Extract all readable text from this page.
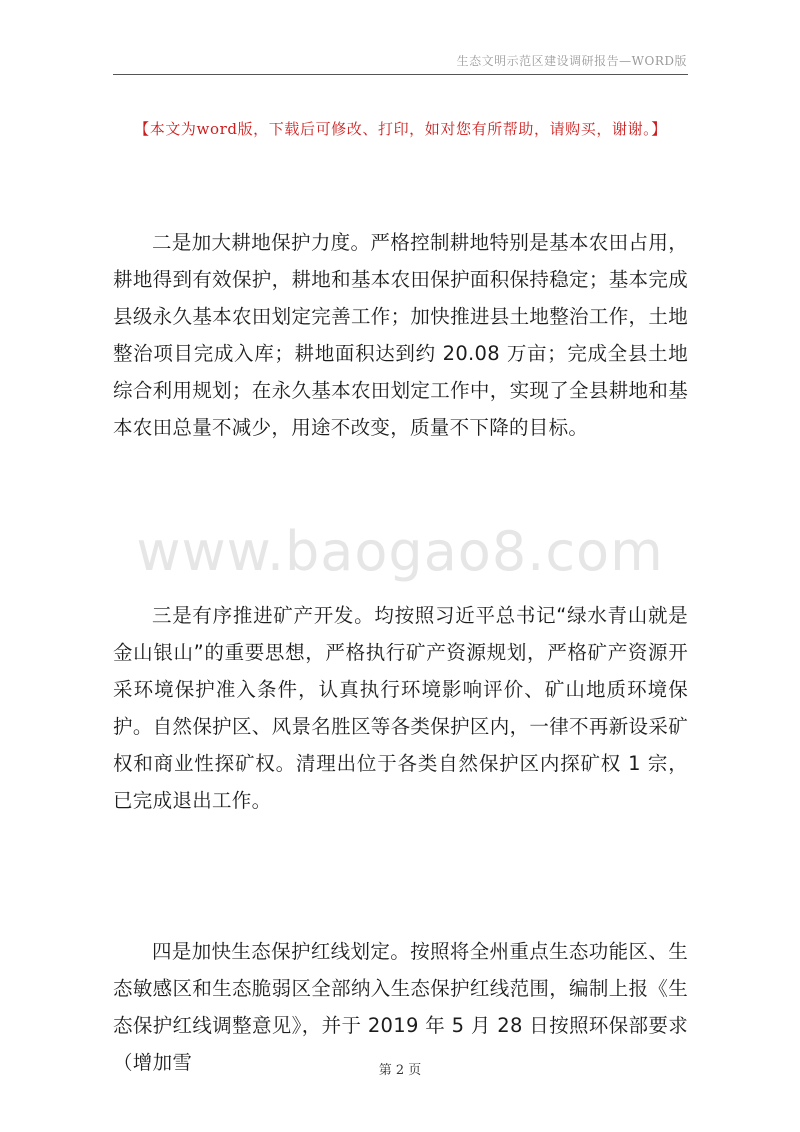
生态文明示范区建设调研报告—WORD版
【本文为word版，下载后可修改、打印，如对您有所帮助，请购买，谢谢。】

二是加大耕地保护力度。严格控制耕地特别是基本农田占用，耕地得到有效保护，耕地和基本农田保护面积保持稳定；基本完成县级永久基本农田划定完善工作；加快推进县土地整治工作，土地整治项目完成入库；耕地面积达到约 20.08 万亩；完成全县土地综合利用规划；在永久基本农田划定工作中，实现了全县耕地和基本农田总量不减少，用途不改变，质量不下降的目标。

www.baogao8.com

三是有序推进矿产开发。均按照习近平总书记“绿水青山就是金山银山”的重要思想，严格执行矿产资源规划，严格矿产资源开采环境保护准入条件，认真执行环境影响评价、矿山地质环境保护。自然保护区、风景名胜区等各类保护区内，一律不再新设采矿权和商业性探矿权。清理出位于各类自然保护区内探矿权 1 宗，已完成退出工作。

四是加快生态保护红线划定。按照将全州重点生态功能区、生态敏感区和生态脆弱区全部纳入生态保护红线范围，编制上报《生态保护红线调整意见》，并于 2019 年 5 月 28 日按照环保部要求（增加雪	第 2 页
